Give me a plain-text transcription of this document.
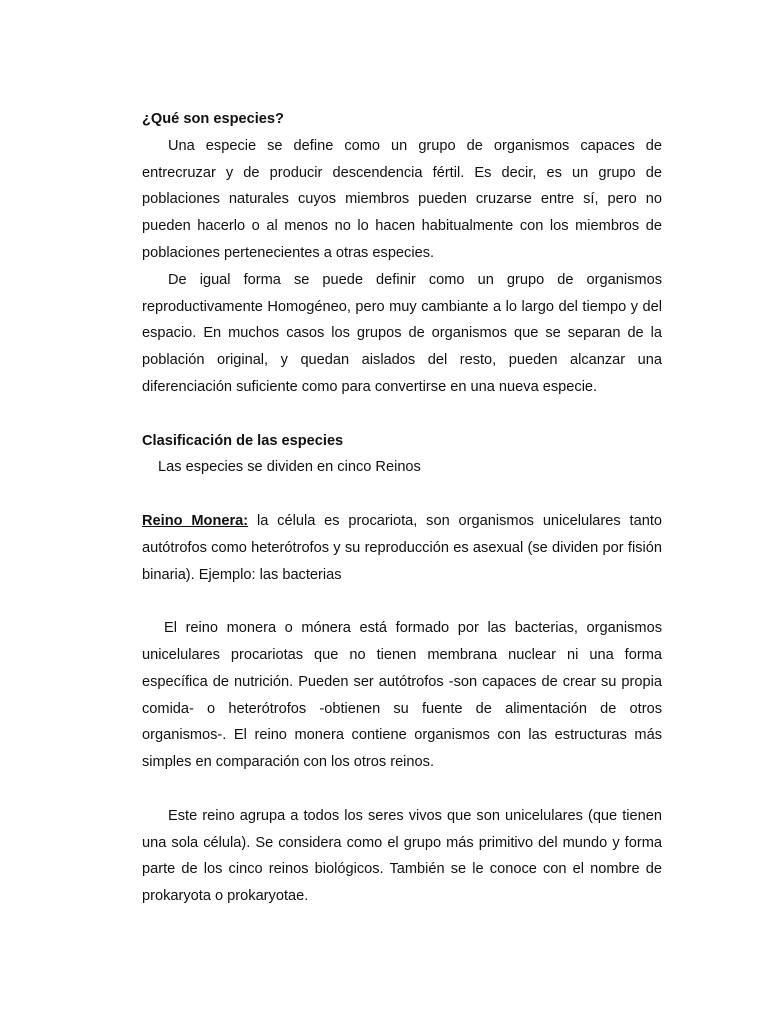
¿Qué son especies?

Una especie se define como un grupo de organismos capaces de entrecruzar y de producir descendencia fértil. Es decir, es un grupo de poblaciones naturales cuyos miembros pueden cruzarse entre sí, pero no pueden hacerlo o al menos no lo hacen habitualmente con los miembros de poblaciones pertenecientes a otras especies.

De igual forma se puede definir como un grupo de organismos reproductivamente Homogéneo, pero muy cambiante a lo largo del tiempo y del espacio. En muchos casos los grupos de organismos que se separan de la población original, y quedan aislados del resto, pueden alcanzar una diferenciación suficiente como para convertirse en una nueva especie.

Clasificación de las especies

Las especies se dividen en cinco Reinos

Reino Monera: la célula es procariota, son organismos unicelulares tanto autótrofos como heterótrofos y su reproducción es asexual (se dividen por fisión binaria). Ejemplo: las bacterias

El reino monera o mónera está formado por las bacterias, organismos unicelulares procariotas que no tienen membrana nuclear ni una forma específica de nutrición. Pueden ser autótrofos -son capaces de crear su propia comida- o heterótrofos -obtienen su fuente de alimentación de otros organismos-. El reino monera contiene organismos con las estructuras más simples en comparación con los otros reinos.

Este reino agrupa a todos los seres vivos que son unicelulares (que tienen una sola célula). Se considera como el grupo más primitivo del mundo y forma parte de los cinco reinos biológicos. También se le conoce con el nombre de prokaryota o prokaryotae.
